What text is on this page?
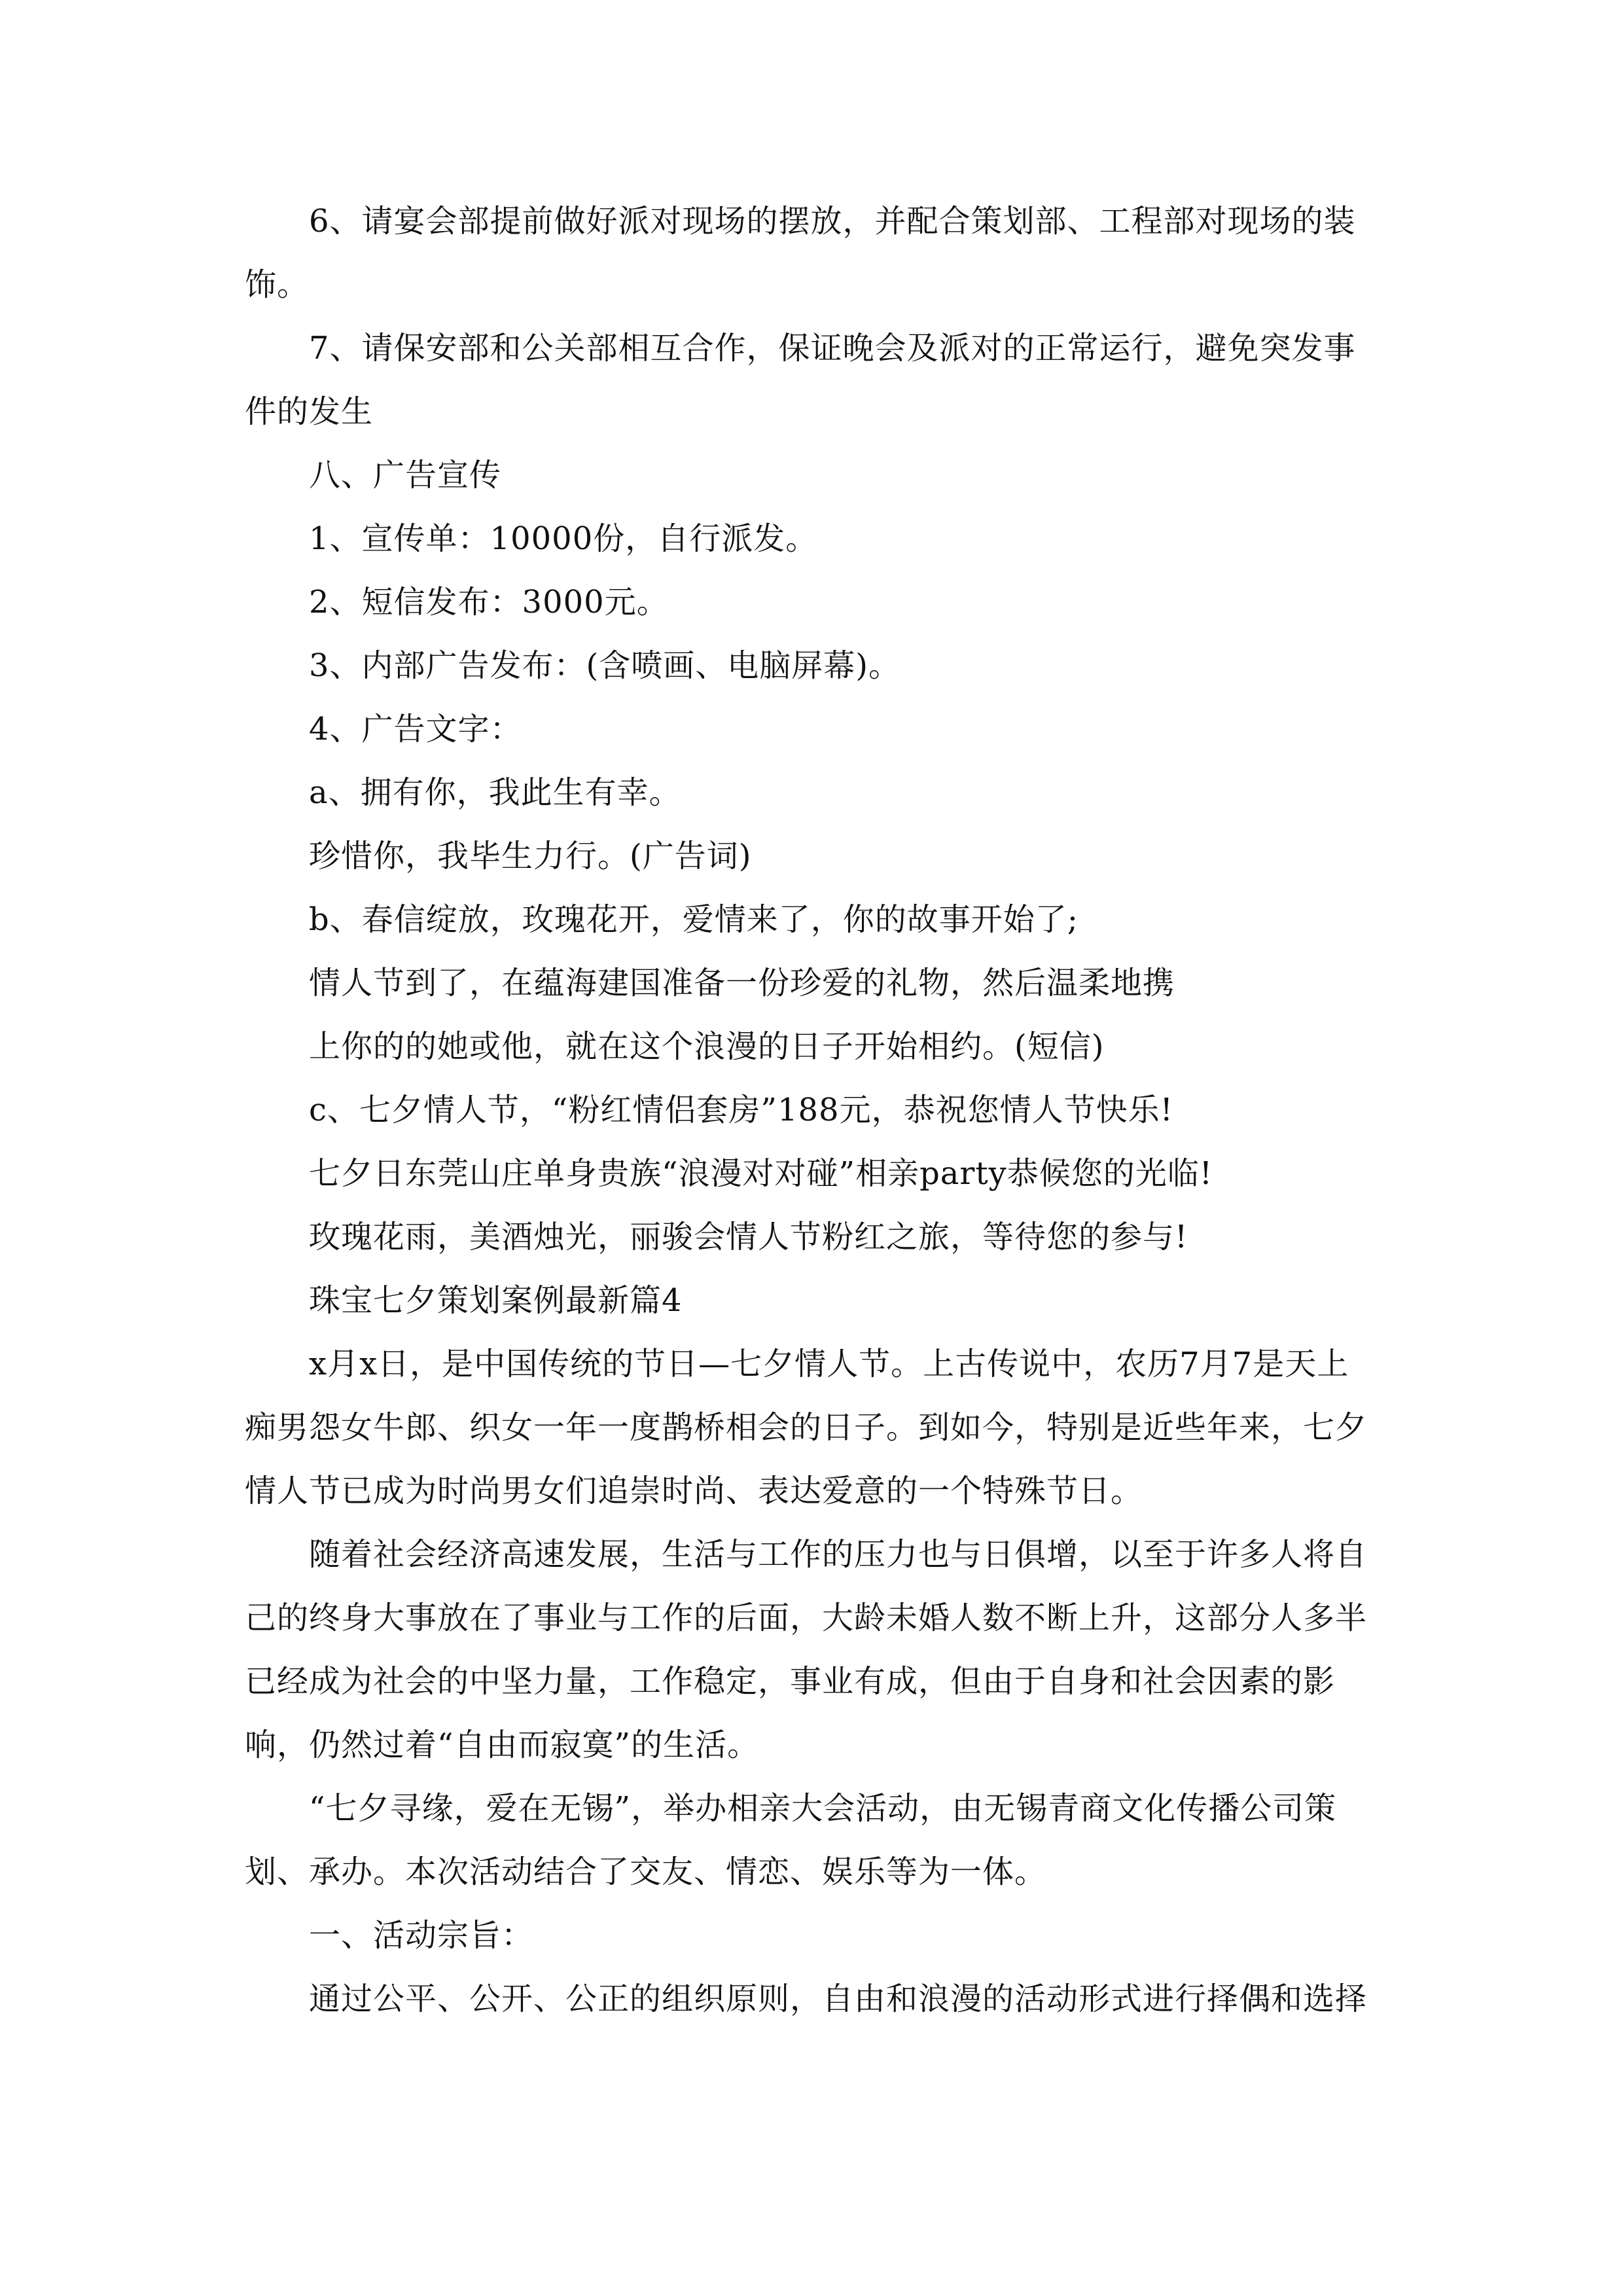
6、请宴会部提前做好派对现场的摆放，并配合策划部、工程部对现场的装饰。

7、请保安部和公关部相互合作，保证晚会及派对的正常运行，避免突发事件的发生

八、广告宣传

1、宣传单：10000份，自行派发。

2、短信发布：3000元。

3、内部广告发布：(含喷画、电脑屏幕)。

4、广告文字：

a、拥有你，我此生有幸。

珍惜你，我毕生力行。(广告词)

b、春信绽放，玫瑰花开，爱情来了，你的故事开始了;

情人节到了，在蕴海建国准备一份珍爱的礼物，然后温柔地携

上你的的她或他，就在这个浪漫的日子开始相约。(短信)

c、七夕情人节，“粉红情侣套房”188元，恭祝您情人节快乐!

七夕日东莞山庄单身贵族“浪漫对对碰”相亲party恭候您的光临!

玫瑰花雨，美酒烛光，丽骏会情人节粉红之旅，等待您的参与!

珠宝七夕策划案例最新篇4

x月x日，是中国传统的节日—七夕情人节。上古传说中，农历7月7是天上痴男怨女牛郎、织女一年一度鹊桥相会的日子。到如今，特别是近些年来，七夕情人节已成为时尚男女们追崇时尚、表达爱意的一个特殊节日。

随着社会经济高速发展，生活与工作的压力也与日俱增，以至于许多人将自己的终身大事放在了事业与工作的后面，大龄未婚人数不断上升，这部分人多半已经成为社会的中坚力量，工作稳定，事业有成，但由于自身和社会因素的影响，仍然过着“自由而寂寞”的生活。

“七夕寻缘，爱在无锡”，举办相亲大会活动，由无锡青商文化传播公司策划、承办。本次活动结合了交友、情恋、娱乐等为一体。

一、活动宗旨：

通过公平、公开、公正的组织原则，自由和浪漫的活动形式进行择偶和选择
